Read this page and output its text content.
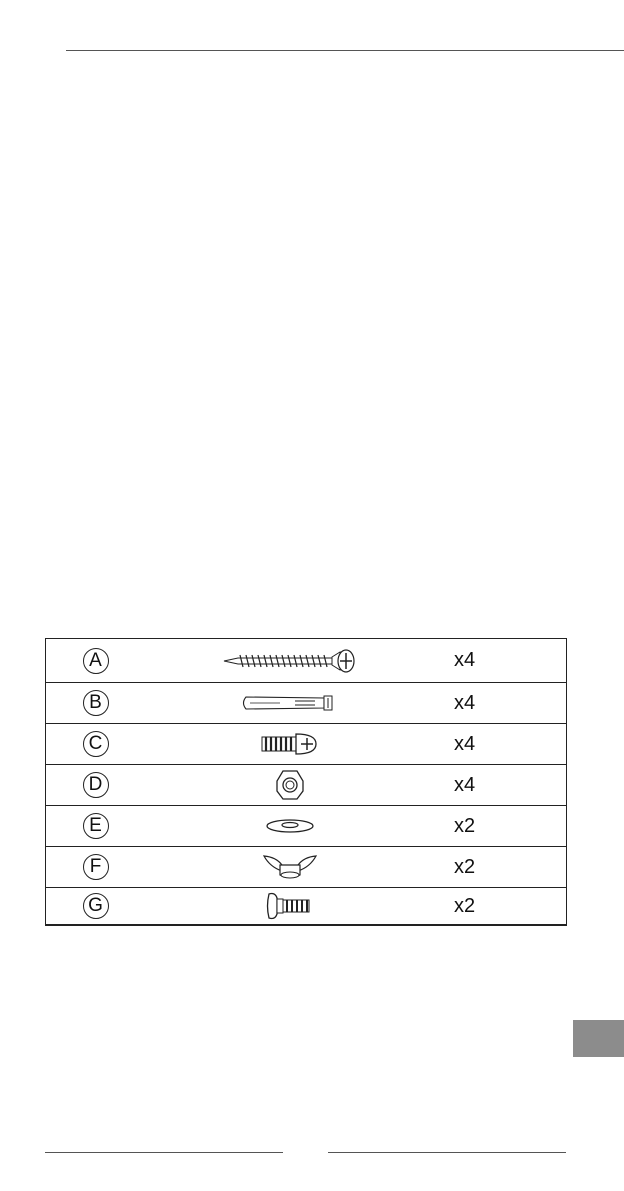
A		x4
B		x4
C		x4
D		x4
E		x2
F		x2
G		x2
